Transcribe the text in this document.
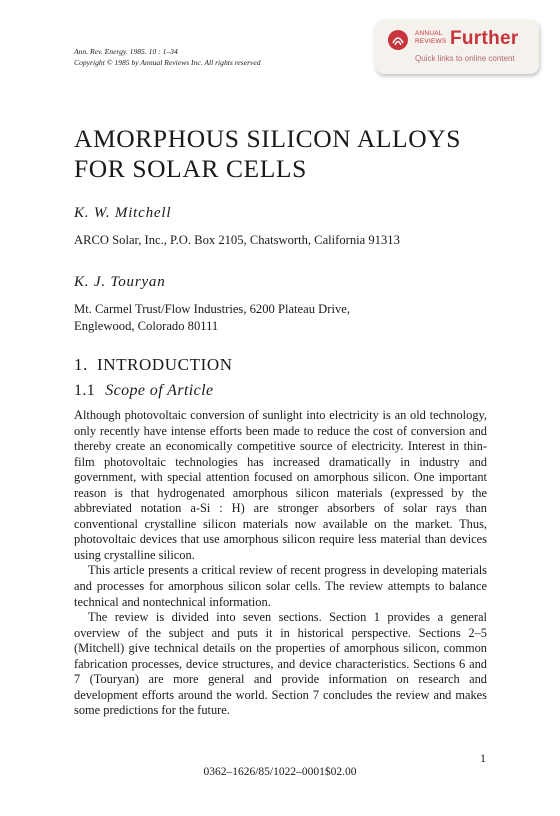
Ann. Rev. Energy. 1985. 10 : 1–34
Copyright © 1985 by Annual Reviews Inc. All rights reserved
ANNUAL
REVIEWS Further
Quick links to online content
AMORPHOUS SILICON ALLOYS
FOR SOLAR CELLS
K. W. Mitchell
ARCO Solar, Inc., P.O. Box 2105, Chatsworth, California 91313
K. J. Touryan
Mt. Carmel Trust/Flow Industries, 6200 Plateau Drive,
Englewood, Colorado 80111
1. INTRODUCTION
1.1 Scope of Article

Although photovoltaic conversion of sunlight into electricity is an old technology, only recently have intense efforts been made to reduce the cost of conversion and thereby create an economically competitive source of electricity. Interest in thin-film photovoltaic technologies has increased dramatically in industry and government, with special attention focused on amorphous silicon. One important reason is that hydrogenated amorphous silicon materials (expressed by the abbreviated notation a-Si : H) are stronger absorbers of solar rays than conventional crystalline silicon materials now available on the market. Thus, photovoltaic devices that use amorphous silicon require less material than devices using crystalline silicon.

This article presents a critical review of recent progress in developing materials and processes for amorphous silicon solar cells. The review attempts to balance technical and nontechnical information.

The review is divided into seven sections. Section 1 provides a general overview of the subject and puts it in historical perspective. Sections 2–5 (Mitchell) give technical details on the properties of amorphous silicon, common fabrication processes, device structures, and device characteristics. Sections 6 and 7 (Touryan) are more general and provide information on research and development efforts around the world. Section 7 concludes the review and makes some predictions for the future.

1
0362–1626/85/1022–0001$02.00
